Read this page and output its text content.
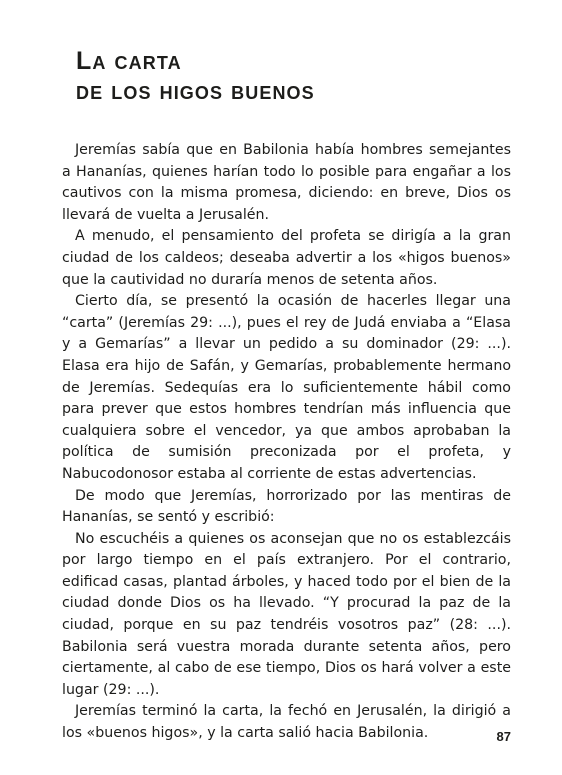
La carta
de los higos buenos

Jeremías sabía que en Babilonia había hombres semejantes a Hananías, quienes harían todo lo posible para engañar a los cautivos con la misma promesa, diciendo: en breve, Dios os llevará de vuelta a Jerusalén.

A menudo, el pensamiento del profeta se dirigía a la gran ciudad de los caldeos; deseaba advertir a los «higos buenos» que la cautividad no duraría menos de setenta años.

Cierto día, se presentó la ocasión de hacerles llegar una “carta” (Jeremías 29: ...), pues el rey de Judá enviaba a “Elasa y a Gemarías” a llevar un pedido a su dominador (29: ...). Elasa era hijo de Safán, y Gemarías, probablemente hermano de Jeremías. Sedequías era lo suficientemente hábil como para prever que estos hombres tendrían más influencia que cualquiera sobre el vencedor, ya que ambos aprobaban la política de sumisión preconizada por el profeta, y Nabucodonosor estaba al corriente de estas advertencias.

De modo que Jeremías, horrorizado por las mentiras de Hananías, se sentó y escribió:

No escuchéis a quienes os aconsejan que no os establezcáis por largo tiempo en el país extranjero. Por el contrario, edificad casas, plantad árboles, y haced todo por el bien de la ciudad donde Dios os ha llevado. “Y procurad la paz de la ciudad, porque en su paz tendréis vosotros paz” (28: ...). Babilonia será vuestra morada durante setenta años, pero ciertamente, al cabo de ese tiempo, Dios os hará volver a este lugar (29: ...).

Jeremías terminó la carta, la fechó en Jerusalén, la dirigió a los «buenos higos», y la carta salió hacia Babilonia.	87
